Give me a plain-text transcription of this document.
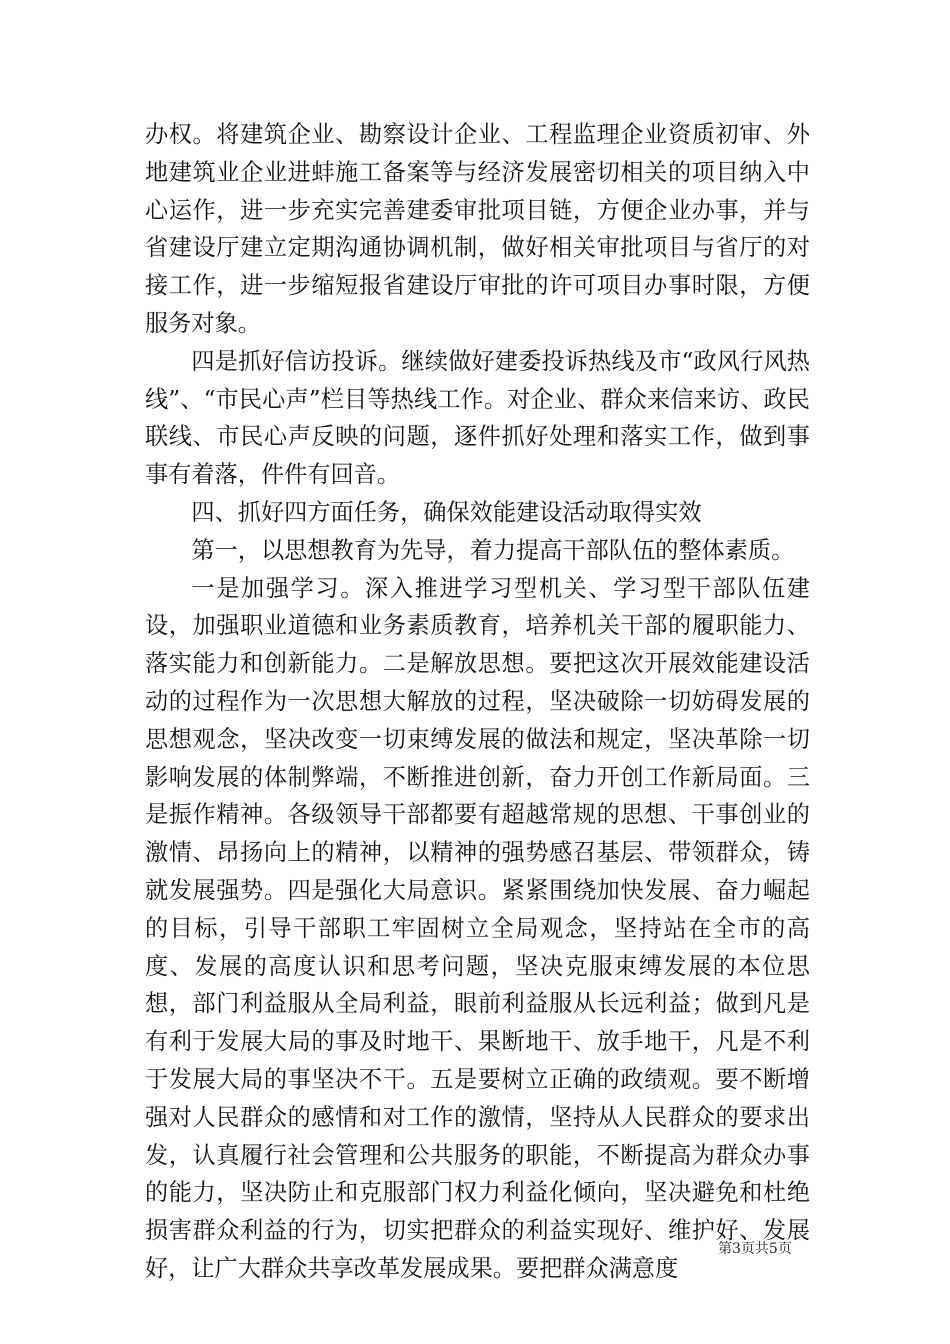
办权。将建筑企业、勘察设计企业、工程监理企业资质初审、外地建筑业企业进蚌施工备案等与经济发展密切相关的项目纳入中心运作，进一步充实完善建委审批项目链，方便企业办事，并与省建设厅建立定期沟通协调机制，做好相关审批项目与省厅的对接工作，进一步缩短报省建设厅审批的许可项目办事时限，方便服务对象。

四是抓好信访投诉。继续做好建委投诉热线及市“政风行风热线”、“市民心声”栏目等热线工作。对企业、群众来信来访、政民联线、市民心声反映的问题，逐件抓好处理和落实工作，做到事事有着落，件件有回音。

四、抓好四方面任务，确保效能建设活动取得实效

第一，以思想教育为先导，着力提高干部队伍的整体素质。

一是加强学习。深入推进学习型机关、学习型干部队伍建设，加强职业道德和业务素质教育，培养机关干部的履职能力、落实能力和创新能力。二是解放思想。要把这次开展效能建设活动的过程作为一次思想大解放的过程，坚决破除一切妨碍发展的思想观念，坚决改变一切束缚发展的做法和规定，坚决革除一切影响发展的体制弊端，不断推进创新，奋力开创工作新局面。三是振作精神。各级领导干部都要有超越常规的思想、干事创业的激情、昂扬向上的精神，以精神的强势感召基层、带领群众，铸就发展强势。四是强化大局意识。紧紧围绕加快发展、奋力崛起的目标，引导干部职工牢固树立全局观念，坚持站在全市的高度、发展的高度认识和思考问题，坚决克服束缚发展的本位思想，部门利益服从全局利益，眼前利益服从长远利益；做到凡是有利于发展大局的事及时地干、果断地干、放手地干，凡是不利于发展大局的事坚决不干。五是要树立正确的政绩观。要不断增强对人民群众的感情和对工作的激情，坚持从人民群众的要求出发，认真履行社会管理和公共服务的职能，不断提高为群众办事的能力，坚决防止和克服部门权力利益化倾向，坚决避免和杜绝损害群众利益的行为，切实把群众的利益实现好、维护好、发展好，让广大群众共享改革发展成果。要把群众满意度

第3页共5页
